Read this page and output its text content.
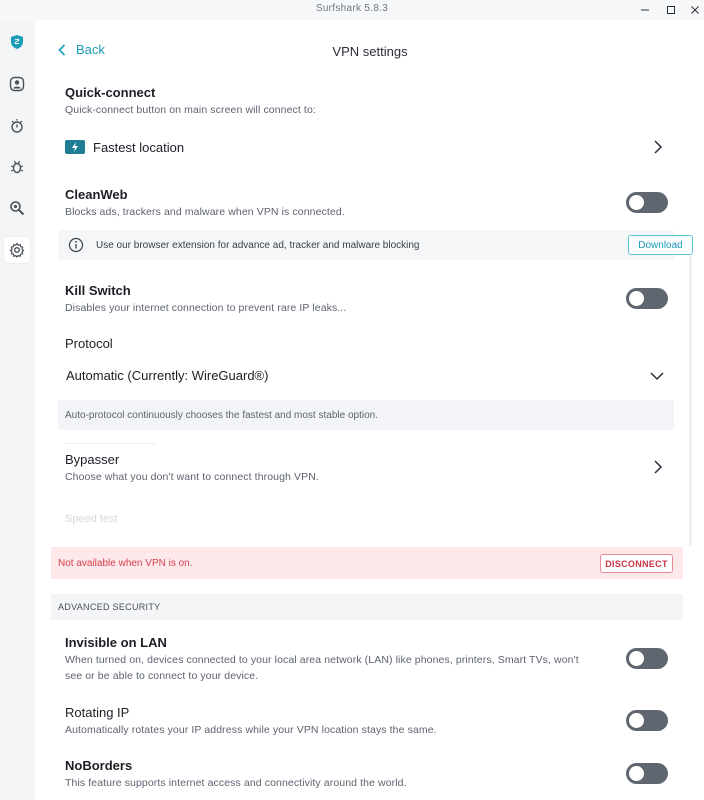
Surfshark 5.8.3
Back	VPN settings
Quick-connect
Quick-connect button on main screen will connect to:
Fastest location
CleanWeb
Blocks ads, trackers and malware when VPN is connected.
Use our browser extension for advance ad, tracker and malware blocking	Download
Kill Switch
Disables your internet connection to prevent rare IP leaks...
Protocol
Automatic (Currently: WireGuard®)
Auto-protocol continuously chooses the fastest and most stable option.
Bypasser
Choose what you don't want to connect through VPN.
Speed test
Not available when VPN is on.	DISCONNECT
ADVANCED SECURITY
Invisible on LAN
When turned on, devices connected to your local area network (LAN) like phones, printers, Smart TVs, won't
see or be able to connect to your device.
Rotating IP
Automatically rotates your IP address while your VPN location stays the same.
NoBorders
This feature supports internet access and connectivity around the world.
